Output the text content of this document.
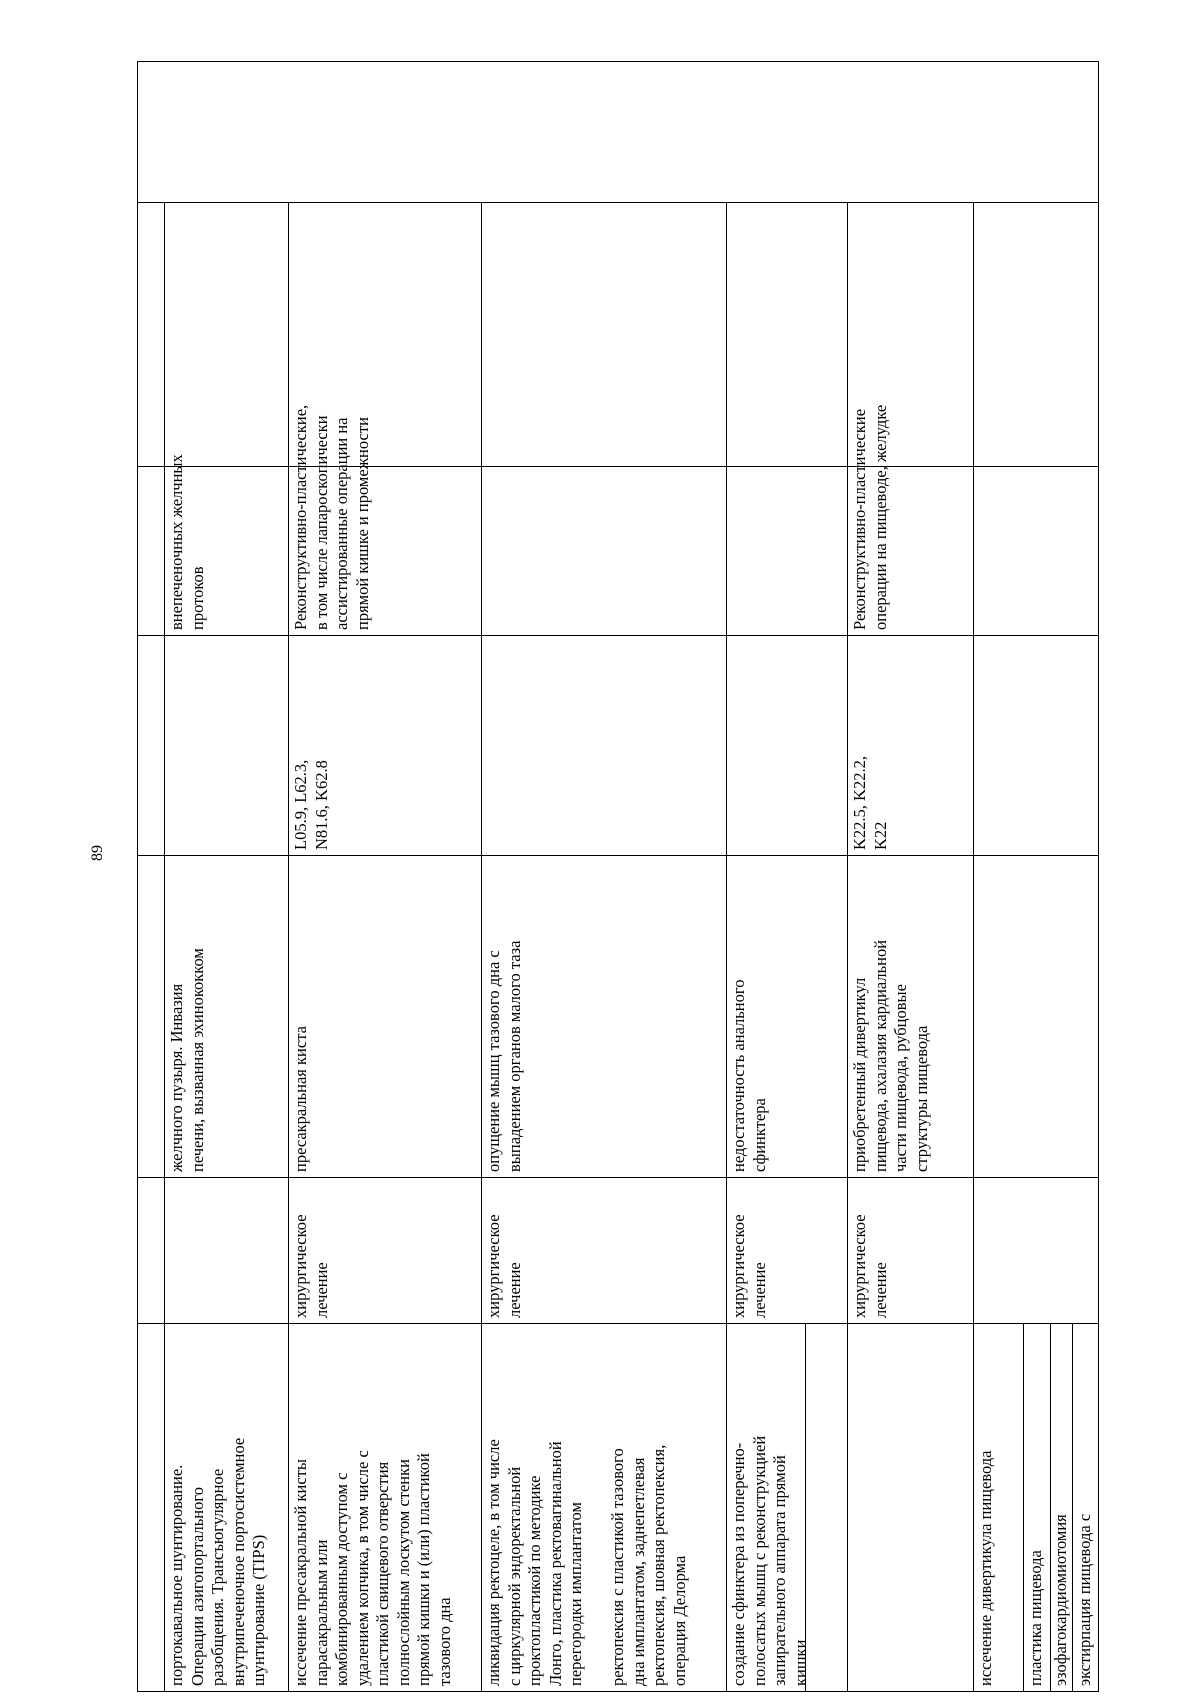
89
внепеченочных желчных
протоков
желчного пузыря. Инвазия
печени, вызванная эхинококком
портокавальное шунтирование.
Операции азигопортального
разобщения. Трансъюгулярное
внутрипеченочное портосистемное
шунтирование (TIPS)
Реконструктивно-пластические,
в том числе лапароскопически
ассистированные операции на
прямой кишке и промежности
L05.9, L62.3,
N81.6, K62.8
пресакральная киста
хирургическое
лечение
иссечение пресакральной кисты
парасакральным или
комбинированным доступом с
удалением копчика, в том числе с
пластикой свищевого отверстия
полнослойным лоскутом стенки
прямой кишки и (или) пластикой
тазового дна
опущение мышц тазового дна с
выпадением органов малого таза
хирургическое
лечение
ликвидация ректоцеле, в том числе
с циркулярной эндоректальной
проктопластикой по методике
Лонго, пластика ректовагинальной
перегородки имплантатом
ректопексия с пластикой тазового
дна имплантатом, заднепетлевая
ректопексия, шовная ректопексия,
операция Делорма
недостаточность анального
сфинктера
хирургическое
лечение
создание сфинктера из поперечно-
полосатых мышц с реконструкцией
запирательного аппарата прямой
кишки
Реконструктивно-пластические
операции на пищеводе, желудке
K22.5, K22.2,
K22
приобретенный дивертикул
пищевода, ахалазия кардиальной
части пищевода, рубцовые
структуры пищевода
хирургическое
лечение
иссечение дивертикула пищевода	пластика пищевода эзофагокардиомиотомия экстирпация пищевода с
